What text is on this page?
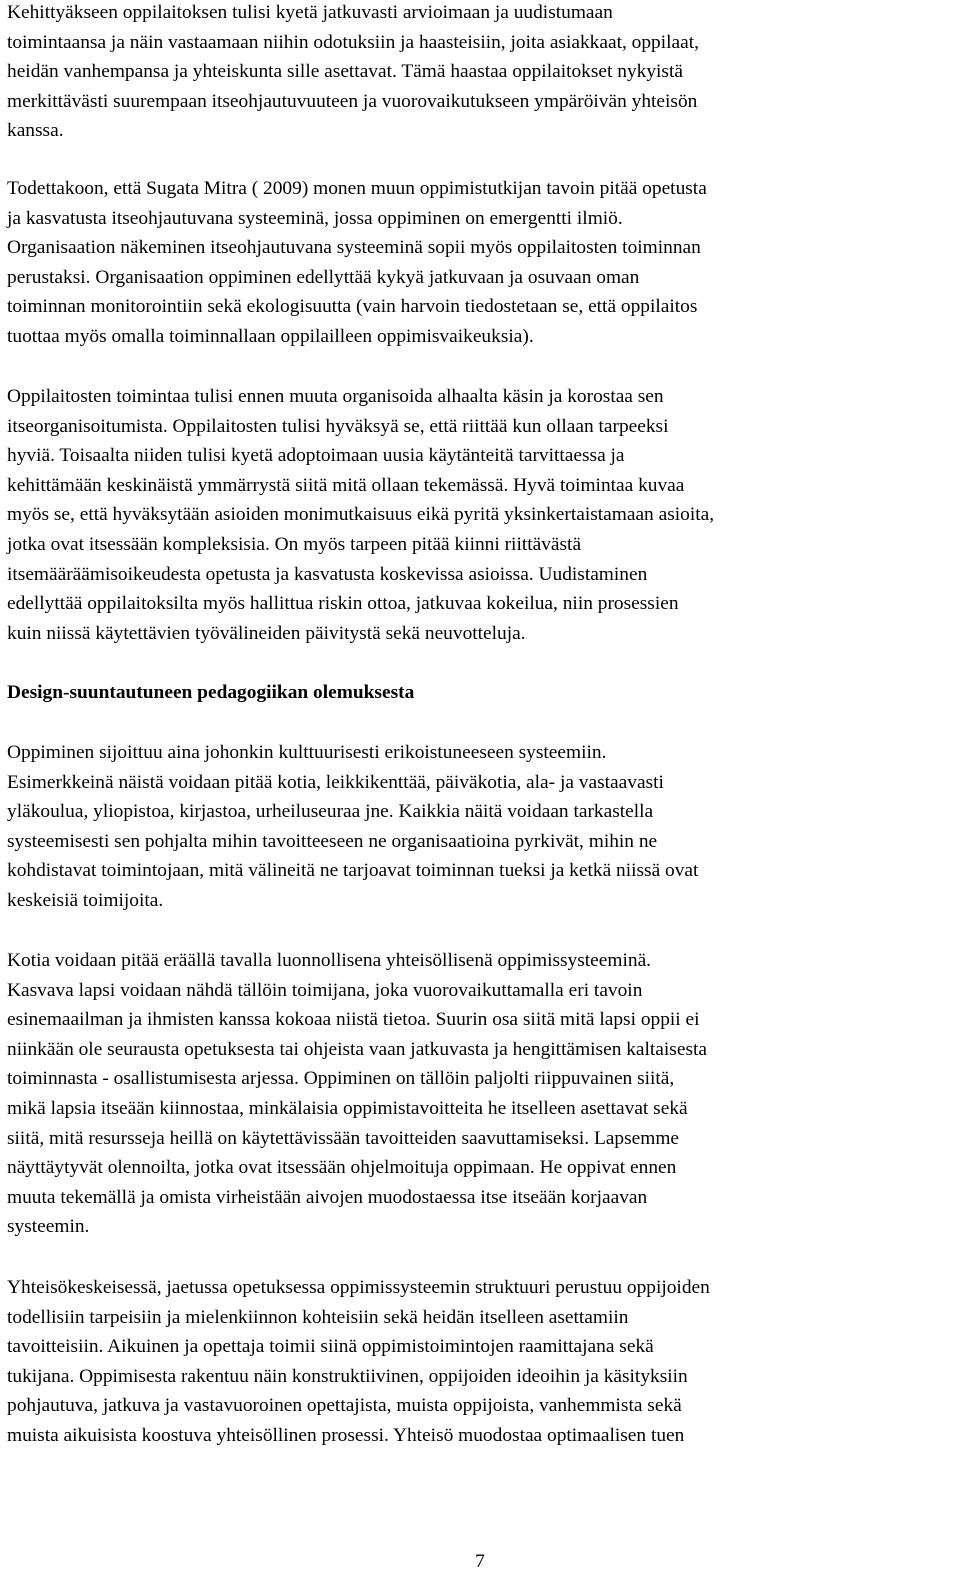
Kehittyäkseen oppilaitoksen tulisi kyetä jatkuvasti arvioimaan ja uudistumaan
toimintaansa ja näin vastaamaan niihin odotuksiin ja haasteisiin, joita asiakkaat, oppilaat,
heidän vanhempansa ja yhteiskunta sille asettavat. Tämä haastaa oppilaitokset nykyistä
merkittävästi suurempaan itseohjautuvuuteen ja vuorovaikutukseen ympäröivän yhteisön
kanssa.

Todettakoon, että Sugata Mitra ( 2009) monen muun oppimistutkijan tavoin pitää opetusta
ja kasvatusta itseohjautuvana systeeminä, jossa oppiminen on emergentti ilmiö.
Organisaation näkeminen itseohjautuvana systeeminä sopii myös oppilaitosten toiminnan
perustaksi. Organisaation oppiminen edellyttää kykyä jatkuvaan ja osuvaan oman
toiminnan monitorointiin sekä ekologisuutta (vain harvoin tiedostetaan se, että oppilaitos
tuottaa myös omalla toiminnallaan oppilailleen oppimisvaikeuksia).

Oppilaitosten toimintaa tulisi ennen muuta organisoida alhaalta käsin ja korostaa sen
itseorganisoitumista. Oppilaitosten tulisi hyväksyä se, että riittää kun ollaan tarpeeksi
hyviä. Toisaalta niiden tulisi kyetä adoptoimaan uusia käytänteitä tarvittaessa ja
kehittämään keskinäistä ymmärrystä siitä mitä ollaan tekemässä. Hyvä toimintaa kuvaa
myös se, että hyväksytään asioiden monimutkaisuus eikä pyritä yksinkertaistamaan asioita,
jotka ovat itsessään kompleksisia. On myös tarpeen pitää kiinni riittävästä
itsemääräämisoikeudesta opetusta ja kasvatusta koskevissa asioissa. Uudistaminen
edellyttää oppilaitoksilta myös hallittua riskin ottoa, jatkuvaa kokeilua, niin prosessien
kuin niissä käytettävien työvälineiden päivitystä sekä neuvotteluja.

Design-suuntautuneen pedagogiikan olemuksesta

Oppiminen sijoittuu aina johonkin kulttuurisesti erikoistuneeseen systeemiin.
Esimerkkeinä näistä voidaan pitää kotia, leikkikenttää, päiväkotia, ala- ja vastaavasti
yläkoulua, yliopistoa, kirjastoa, urheiluseuraa jne. Kaikkia näitä voidaan tarkastella
systeemisesti sen pohjalta mihin tavoitteeseen ne organisaatioina pyrkivät, mihin ne
kohdistavat toimintojaan, mitä välineitä ne tarjoavat toiminnan tueksi ja ketkä niissä ovat
keskeisiä toimijoita.

Kotia voidaan pitää eräällä tavalla luonnollisena yhteisöllisenä oppimissysteeminä.
Kasvava lapsi voidaan nähdä tällöin toimijana, joka vuorovaikuttamalla eri tavoin
esinemaailman ja ihmisten kanssa kokoaa niistä tietoa. Suurin osa siitä mitä lapsi oppii ei
niinkään ole seurausta opetuksesta tai ohjeista vaan jatkuvasta ja hengittämisen kaltaisesta
toiminnasta - osallistumisesta arjessa. Oppiminen on tällöin paljolti riippuvainen siitä,
mikä lapsia itseään kiinnostaa, minkälaisia oppimistavoitteita he itselleen asettavat sekä
siitä, mitä resursseja heillä on käytettävissään tavoitteiden saavuttamiseksi. Lapsemme
näyttäytyvät olennoilta, jotka ovat itsessään ohjelmoituja oppimaan. He oppivat ennen
muuta tekemällä ja omista virheistään aivojen muodostaessa itse itseään korjaavan
systeemin.

Yhteisökeskeisessä, jaetussa opetuksessa oppimissysteemin struktuuri perustuu oppijoiden
todellisiin tarpeisiin ja mielenkiinnon kohteisiin sekä heidän itselleen asettamiin
tavoitteisiin. Aikuinen ja opettaja toimii siinä oppimistoimintojen raamittajana sekä
tukijana. Oppimisesta rakentuu näin konstruktiivinen, oppijoiden ideoihin ja käsityksiin
pohjautuva, jatkuva ja vastavuoroinen opettajista, muista oppijoista, vanhemmista sekä
muista aikuisista koostuva yhteisöllinen prosessi. Yhteisö muodostaa optimaalisen tuen

7
